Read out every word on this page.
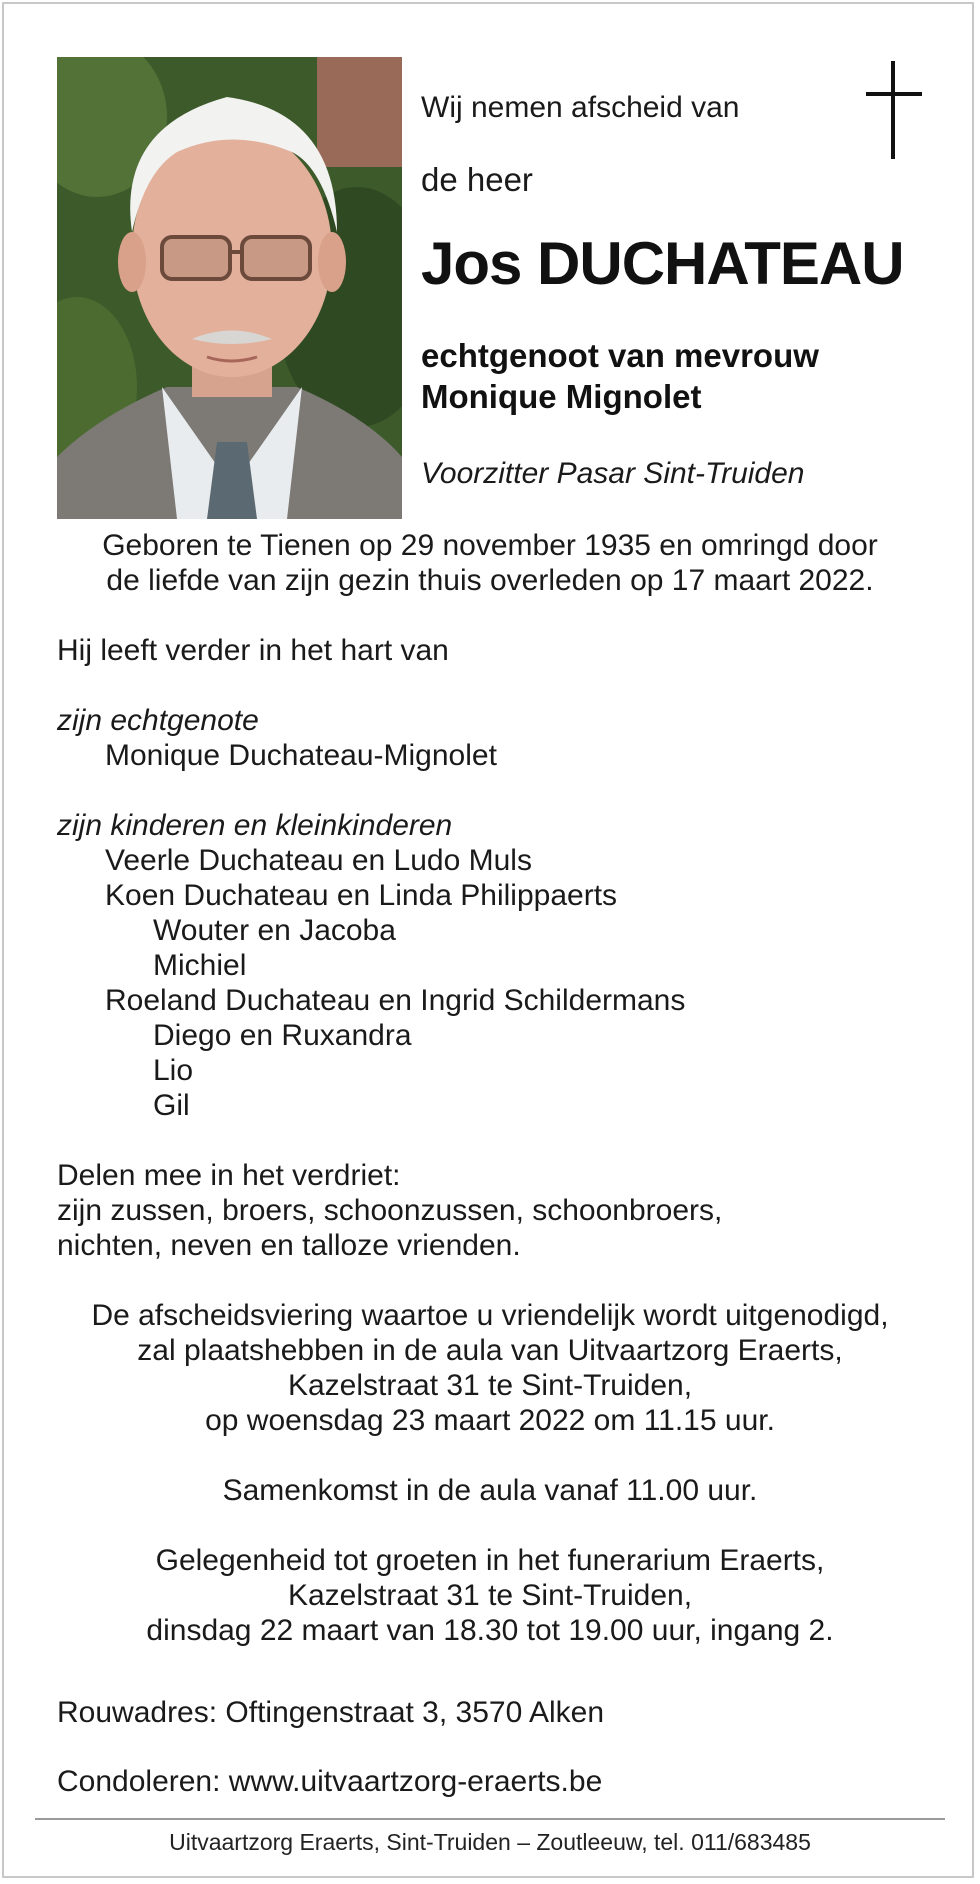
Wij nemen afscheid van
de heer
Jos DUCHATEAU
echtgenoot van mevrouw
Monique Mignolet
Voorzitter Pasar Sint-Truiden
Geboren te Tienen op 29 november 1935 en omringd door
de liefde van zijn gezin thuis overleden op 17 maart 2022.
Hij leeft verder in het hart van
zijn echtgenote
Monique Duchateau-Mignolet
zijn kinderen en kleinkinderen
Veerle Duchateau en Ludo Muls
Koen Duchateau en Linda Philippaerts
Wouter en Jacoba
Michiel
Roeland Duchateau en Ingrid Schildermans
Diego en Ruxandra
Lio
Gil
Delen mee in het verdriet:
zijn zussen, broers, schoonzussen, schoonbroers,
nichten, neven en talloze vrienden.
De afscheidsviering waartoe u vriendelijk wordt uitgenodigd,
zal plaatshebben in de aula van Uitvaartzorg Eraerts,
Kazelstraat 31 te Sint-Truiden,
op woensdag 23 maart 2022 om 11.15 uur.
Samenkomst in de aula vanaf 11.00 uur.
Gelegenheid tot groeten in het funerarium Eraerts,
Kazelstraat 31 te Sint-Truiden,
dinsdag 22 maart van 18.30 tot 19.00 uur, ingang 2.
Rouwadres: Oftingenstraat 3, 3570 Alken
Condoleren: www.uitvaartzorg-eraerts.be
Uitvaartzorg Eraerts, Sint-Truiden – Zoutleeuw, tel. 011/683485
